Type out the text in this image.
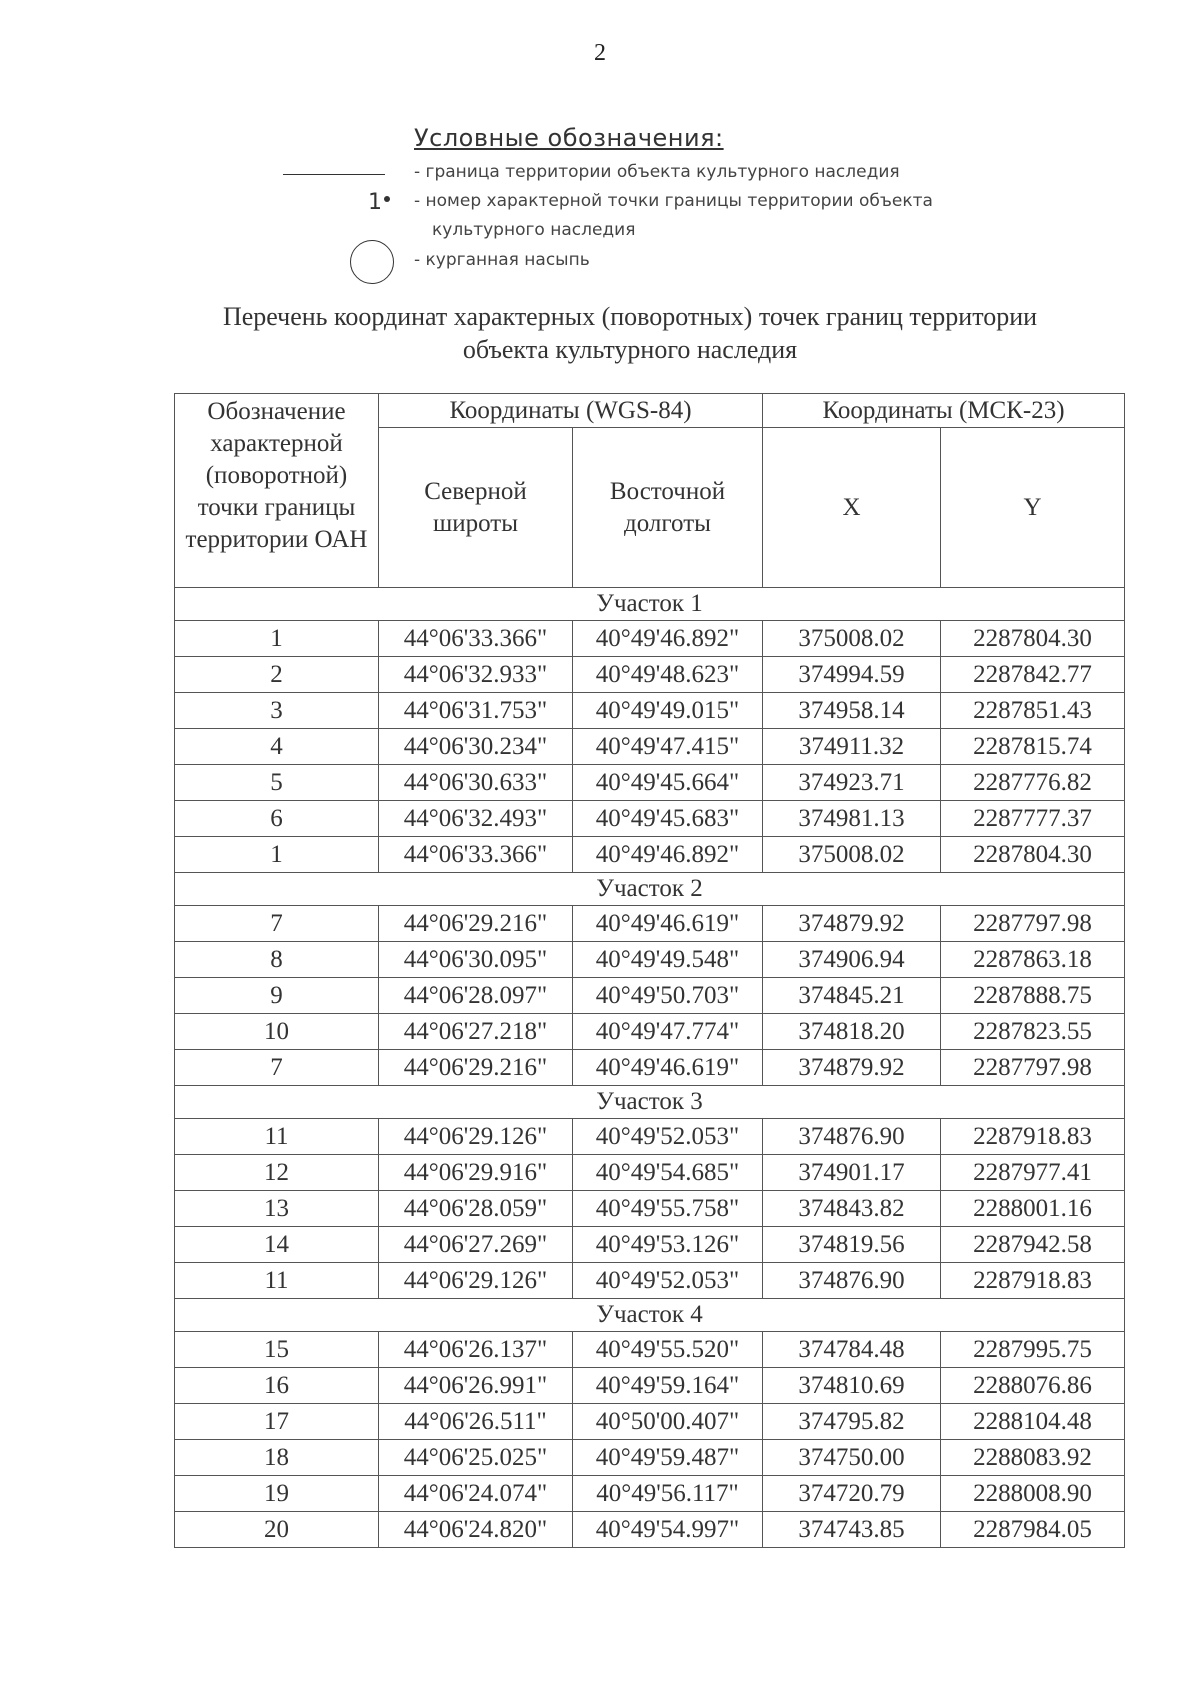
2
Условные обозначения:
- граница территории объекта культурного наследия
1	- номер характерной точки границы территории объекта
культурного наследия
- курганная насыпь
Перечень координат характерных (поворотных) точек границ территории
объекта культурного наследия
Обозначение характерной (поворотной) точки границы территории ОАН	Координаты (WGS-84)		Координаты (МСК-23)	
	Северной широты	Восточной долготы	X	Y
Участок 1				
1	44°06'33.366"	40°49'46.892"	375008.02	2287804.30
2	44°06'32.933"	40°49'48.623"	374994.59	2287842.77
3	44°06'31.753"	40°49'49.015"	374958.14	2287851.43
4	44°06'30.234"	40°49'47.415"	374911.32	2287815.74
5	44°06'30.633"	40°49'45.664"	374923.71	2287776.82
6	44°06'32.493"	40°49'45.683"	374981.13	2287777.37
1	44°06'33.366"	40°49'46.892"	375008.02	2287804.30
Участок 2				
7	44°06'29.216"	40°49'46.619"	374879.92	2287797.98
8	44°06'30.095"	40°49'49.548"	374906.94	2287863.18
9	44°06'28.097"	40°49'50.703"	374845.21	2287888.75
10	44°06'27.218"	40°49'47.774"	374818.20	2287823.55
7	44°06'29.216"	40°49'46.619"	374879.92	2287797.98
Участок 3				
11	44°06'29.126"	40°49'52.053"	374876.90	2287918.83
12	44°06'29.916"	40°49'54.685"	374901.17	2287977.41
13	44°06'28.059"	40°49'55.758"	374843.82	2288001.16
14	44°06'27.269"	40°49'53.126"	374819.56	2287942.58
11	44°06'29.126"	40°49'52.053"	374876.90	2287918.83
Участок 4				
15	44°06'26.137"	40°49'55.520"	374784.48	2287995.75
16	44°06'26.991"	40°49'59.164"	374810.69	2288076.86
17	44°06'26.511"	40°50'00.407"	374795.82	2288104.48
18	44°06'25.025"	40°49'59.487"	374750.00	2288083.92
19	44°06'24.074"	40°49'56.117"	374720.79	2288008.90
20	44°06'24.820"	40°49'54.997"	374743.85	2287984.05
